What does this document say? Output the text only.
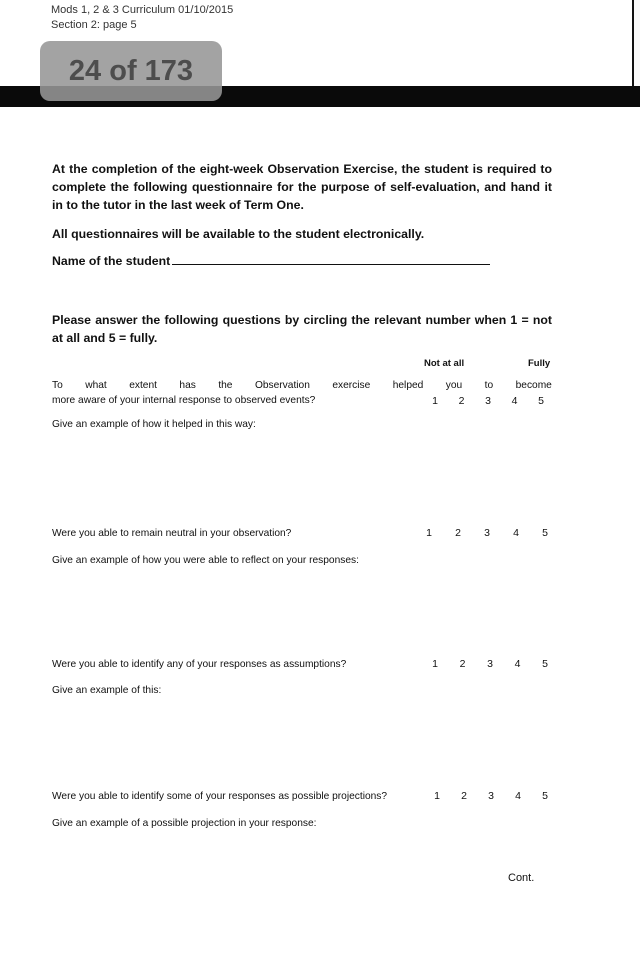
Mods 1, 2 & 3 Curriculum 01/10/2015
Section 2: page 5
24 of 173
At the completion of the eight-week Observation Exercise, the student is required to complete the following questionnaire for the purpose of self-evaluation, and hand it in to the tutor in the last week of Term One.
All questionnaires will be available to the student electronically.
Name of the student
Please answer the following questions by circling the relevant number when 1 = not at all and 5 = fully.
Not at all	Fully
To what extent has the Observation exercise helped you to become
more aware of your internal response to observed events?	1	2	3	4	5
Give an example of how it helped in this way:
Were you able to remain neutral in your observation?	1	2	3	4	5
Give an example of how you were able to reflect on your responses:
Were you able to identify any of your responses as assumptions?	1	2	3	4	5
Give an example of this:
Were you able to identify some of your responses as possible projections?	1	2	3	4	5
Give an example of a possible projection in your response:
Cont.
